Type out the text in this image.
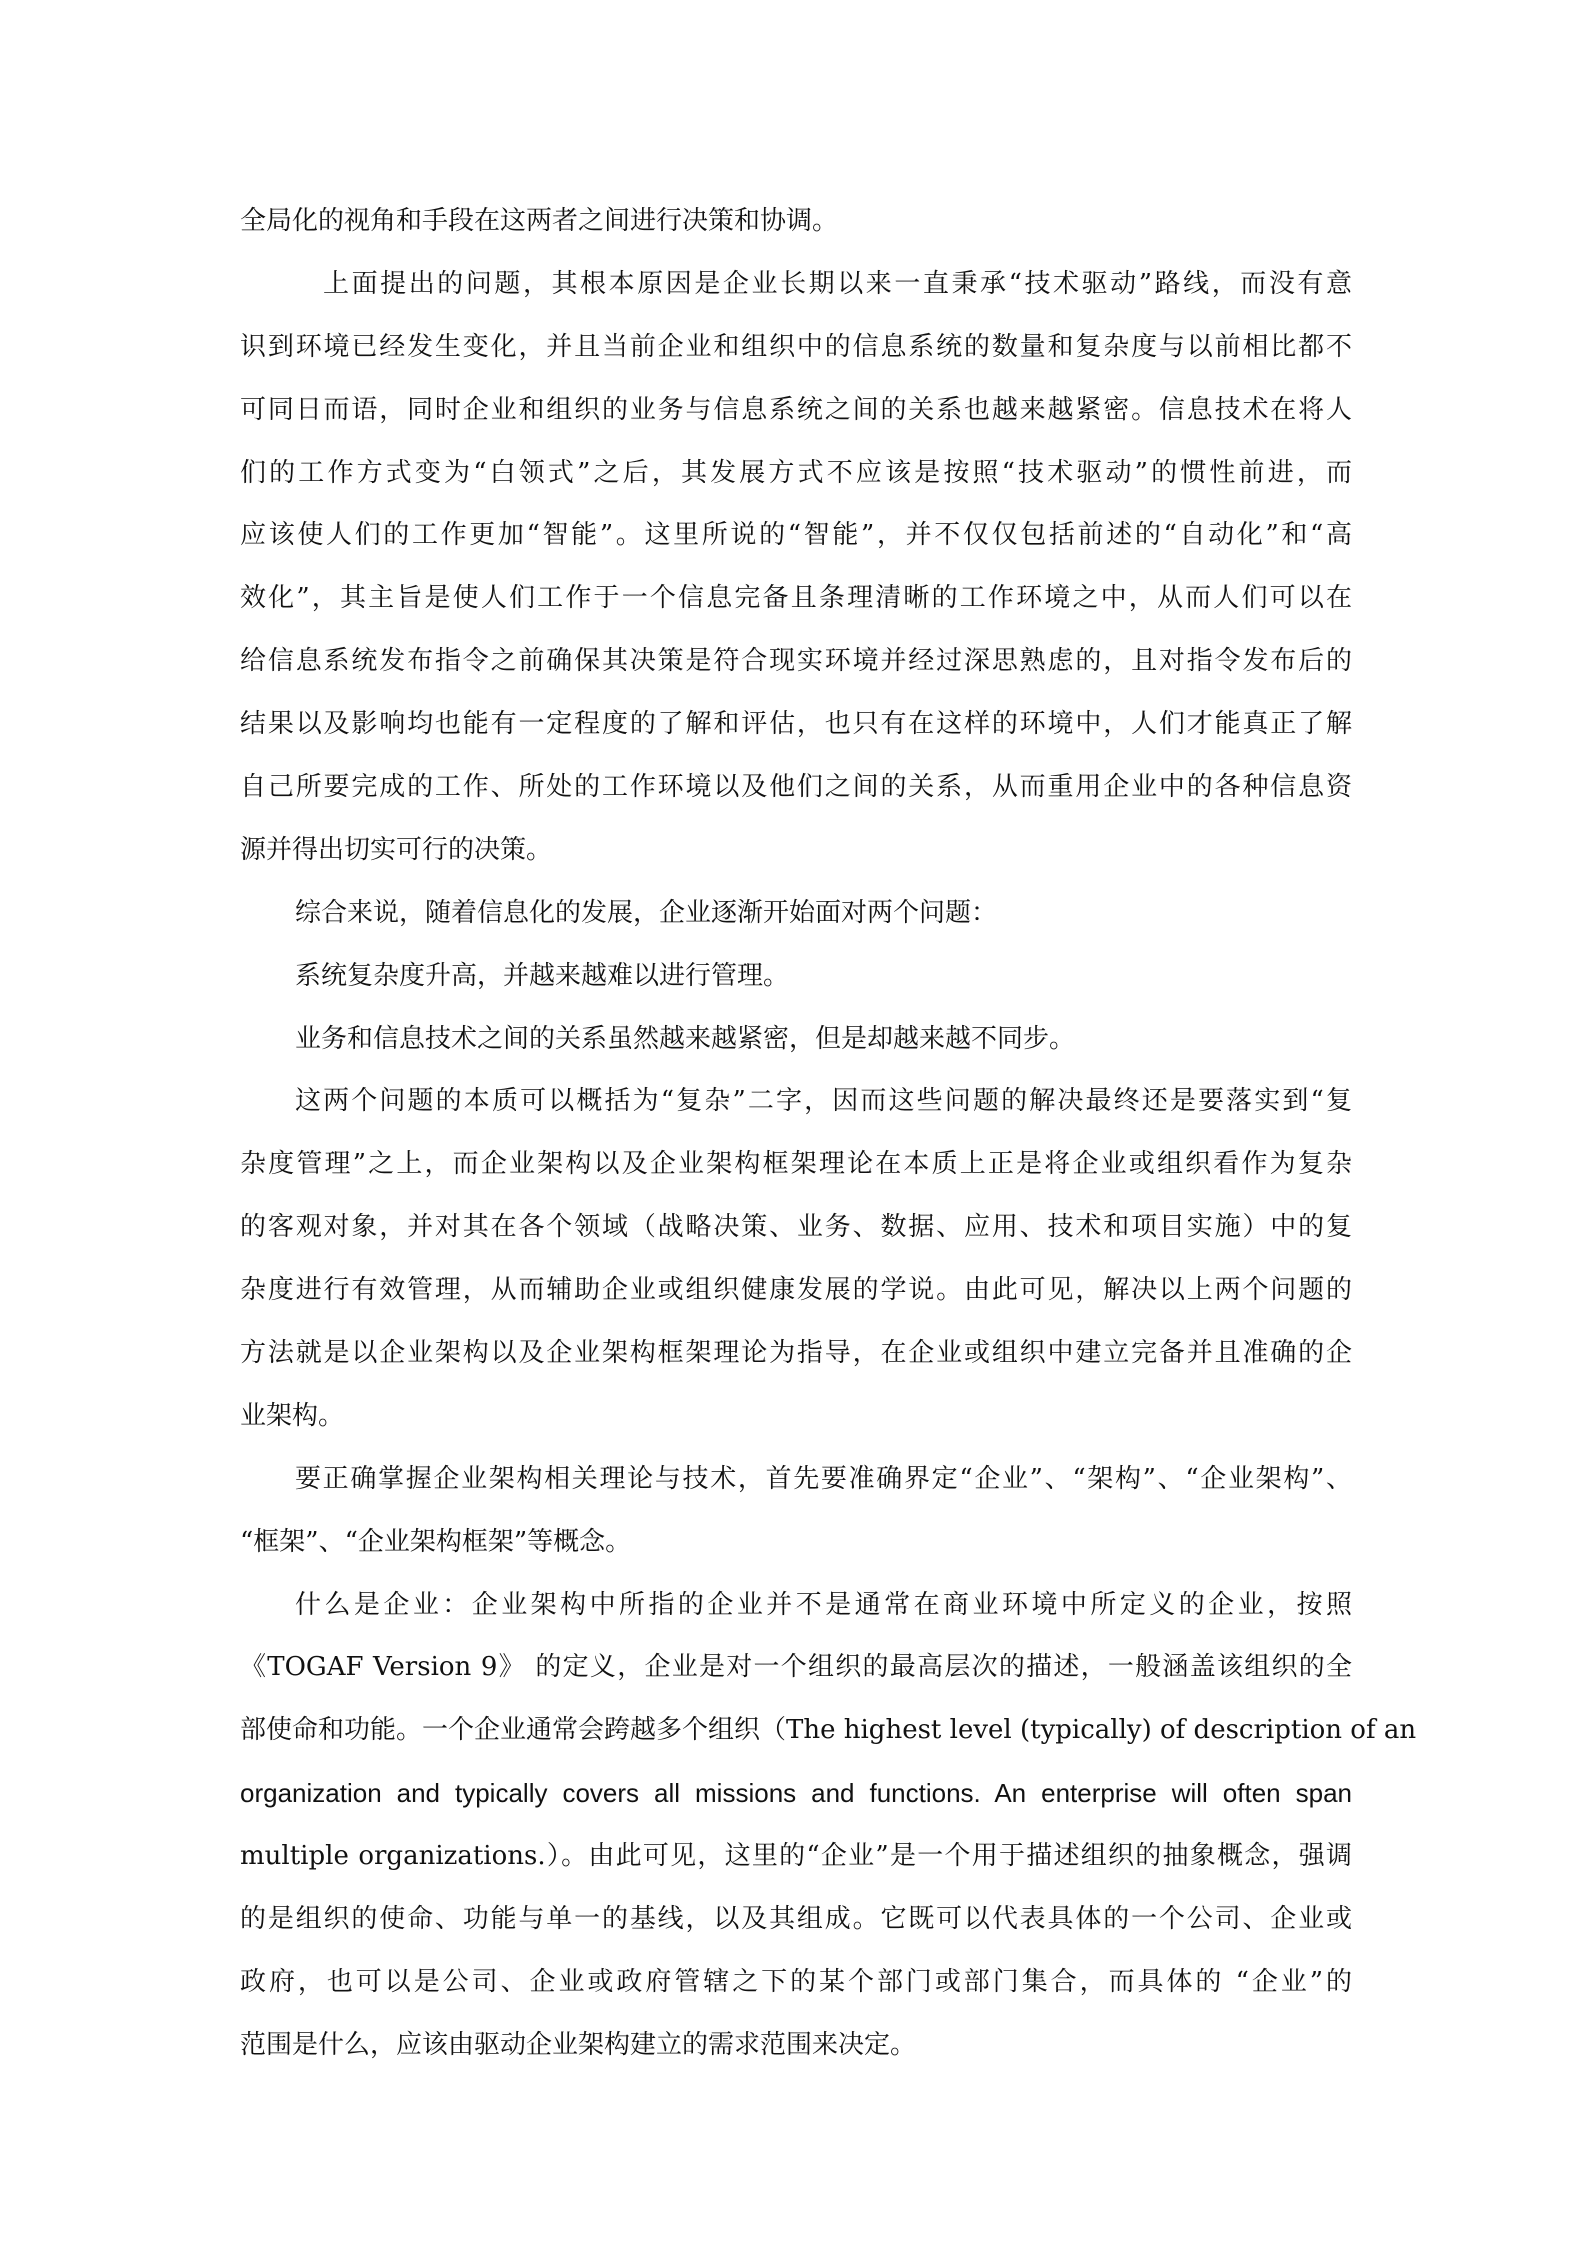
全局化的视角和手段在这两者之间进行决策和协调。
上面提出的问题，其根本原因是企业长期以来一直秉承“技术驱动”路线，而没有意
识到环境已经发生变化，并且当前企业和组织中的信息系统的数量和复杂度与以前相比都不
可同日而语，同时企业和组织的业务与信息系统之间的关系也越来越紧密。信息技术在将人
们的工作方式变为“白领式”之后，其发展方式不应该是按照“技术驱动”的惯性前进，而
应该使人们的工作更加“智能”。这里所说的“智能”，并不仅仅包括前述的“自动化”和“高
效化”，其主旨是使人们工作于一个信息完备且条理清晰的工作环境之中，从而人们可以在
给信息系统发布指令之前确保其决策是符合现实环境并经过深思熟虑的，且对指令发布后的
结果以及影响均也能有一定程度的了解和评估，也只有在这样的环境中，人们才能真正了解
自己所要完成的工作、所处的工作环境以及他们之间的关系，从而重用企业中的各种信息资
源并得出切实可行的决策。
综合来说，随着信息化的发展，企业逐渐开始面对两个问题：
系统复杂度升高，并越来越难以进行管理。
业务和信息技术之间的关系虽然越来越紧密，但是却越来越不同步。
这两个问题的本质可以概括为“复杂”二字，因而这些问题的解决最终还是要落实到“复
杂度管理”之上，而企业架构以及企业架构框架理论在本质上正是将企业或组织看作为复杂
的客观对象，并对其在各个领域（战略决策、业务、数据、应用、技术和项目实施）中的复
杂度进行有效管理，从而辅助企业或组织健康发展的学说。由此可见，解决以上两个问题的
方法就是以企业架构以及企业架构框架理论为指导，在企业或组织中建立完备并且准确的企
业架构。
要正确掌握企业架构相关理论与技术，首先要准确界定“企业”、“架构”、“企业架构”、
“框架”、“企业架构框架”等概念。
什么是企业：企业架构中所指的企业并不是通常在商业环境中所定义的企业，按照
《TOGAF Version 9》 的定义，企业是对一个组织的最高层次的描述，一般涵盖该组织的全
部使命和功能。一个企业通常会跨越多个组织（The highest level (typically) of description of an
organization and typically covers all missions and functions. An enterprise will often span
multiple organizations.）。由此可见，这里的“企业”是一个用于描述组织的抽象概念，强调
的是组织的使命、功能与单一的基线，以及其组成。它既可以代表具体的一个公司、企业或
政府，也可以是公司、企业或政府管辖之下的某个部门或部门集合，而具体的 “企业”的
范围是什么，应该由驱动企业架构建立的需求范围来决定。
